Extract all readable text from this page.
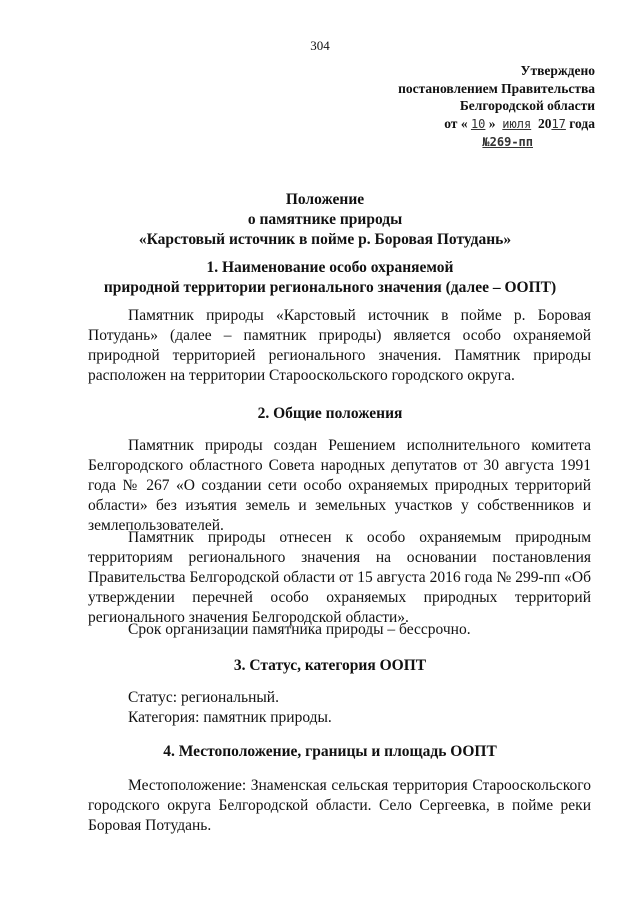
304
Утверждено
постановлением Правительства
Белгородской области
от « 10 » июля 2017 года
№269-пп
Положение
о памятнике природы
«Карстовый источник в пойме р. Боровая Потудань»
1. Наименование особо охраняемой
природной территории регионального значения (далее – ООПТ)

Памятник природы «Карстовый источник в пойме р. Боровая Потудань» (далее – памятник природы) является особо охраняемой природной территорией регионального значения. Памятник природы расположен на территории Старооскольского городского округа.

2. Общие положения

Памятник природы создан Решением исполнительного комитета Белгородского областного Совета народных депутатов от 30 августа 1991 года № 267 «О создании сети особо охраняемых природных территорий области» без изъятия земель и земельных участков у собственников и землепользователей.

Памятник природы отнесен к особо охраняемым природным территориям регионального значения на основании постановления Правительства Белгородской области от 15 августа 2016 года № 299-пп «Об утверждении перечней особо охраняемых природных территорий регионального значения Белгородской области».

Срок организации памятника природы – бессрочно.

3. Статус, категория ООПТ

Статус: региональный.

Категория: памятник природы.

4. Местоположение, границы и площадь ООПТ

Местоположение: Знаменская сельская территория Старооскольского городского округа Белгородской области. Село Сергеевка, в пойме реки Боровая Потудань.
